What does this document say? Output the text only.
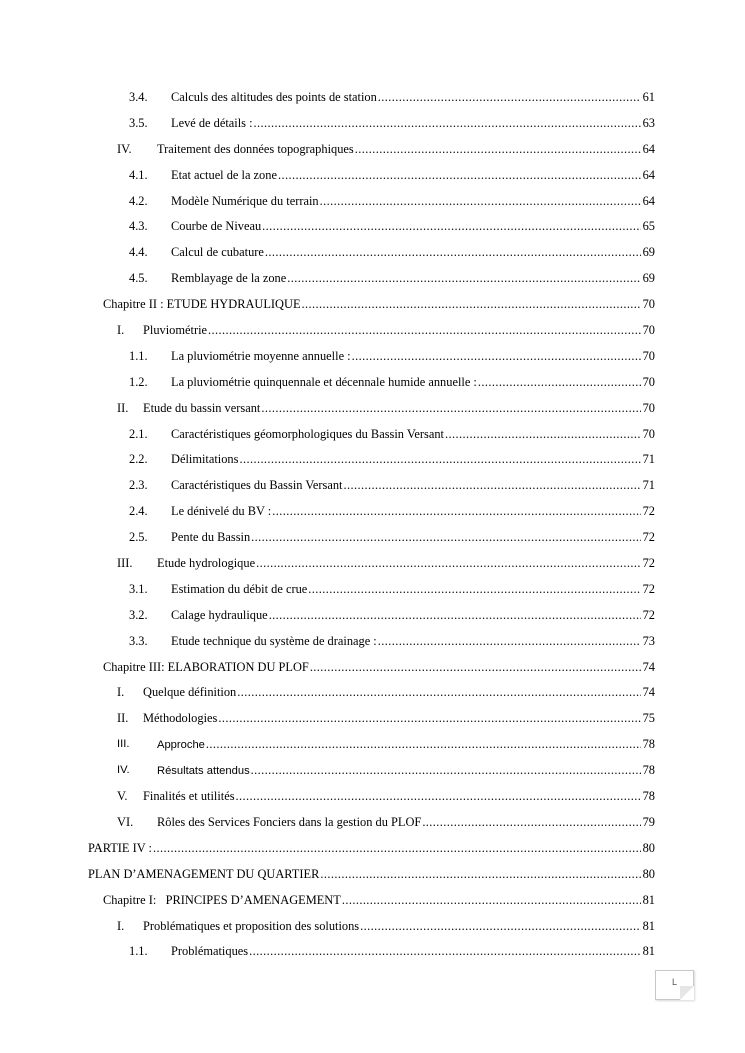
3.4. Calculs des altitudes des points de station .....	61
3.5. Levé de détails : .....	63
IV. Traitement des données topographiques .....	64
4.1. Etat actuel de la zone .....	64
4.2. Modèle Numérique du terrain .....	64
4.3. Courbe de Niveau .....	65
4.4. Calcul de cubature .....	69
4.5. Remblayage de la zone .....	69
Chapitre II : ETUDE HYDRAULIQUE .....	70
I. Pluviométrie .....	70
1.1. La pluviométrie moyenne annuelle : .....	70
1.2. La pluviométrie quinquennale et décennale humide annuelle : .....	70
II. Etude du bassin versant .....	70
2.1. Caractéristiques géomorphologiques du Bassin Versant .....	70
2.2. Délimitations .....	71
2.3. Caractéristiques du Bassin Versant .....	71
2.4. Le dénivelé du BV : .....	72
2.5. Pente du Bassin .....	72
III. Etude hydrologique .....	72
3.1. Estimation du débit de crue .....	72
3.2. Calage hydraulique .....	72
3.3. Etude technique du système de drainage : .....	73
Chapitre III: ELABORATION DU PLOF .....	74
I. Quelque définition .....	74
II. Méthodologies .....	75
III. Approche .....	78
IV. Résultats attendus .....	78
V. Finalités et utilités .....	78
VI. Rôles des Services Fonciers dans la gestion du PLOF .....	79
PARTIE IV : .....	80
PLAN D’AMENAGEMENT DU QUARTIER .....	80
Chapitre I:   PRINCIPES D’AMENAGEMENT .....	81
I. Problématiques et proposition des solutions .....	81
1.1. Problématiques .....	81
L
